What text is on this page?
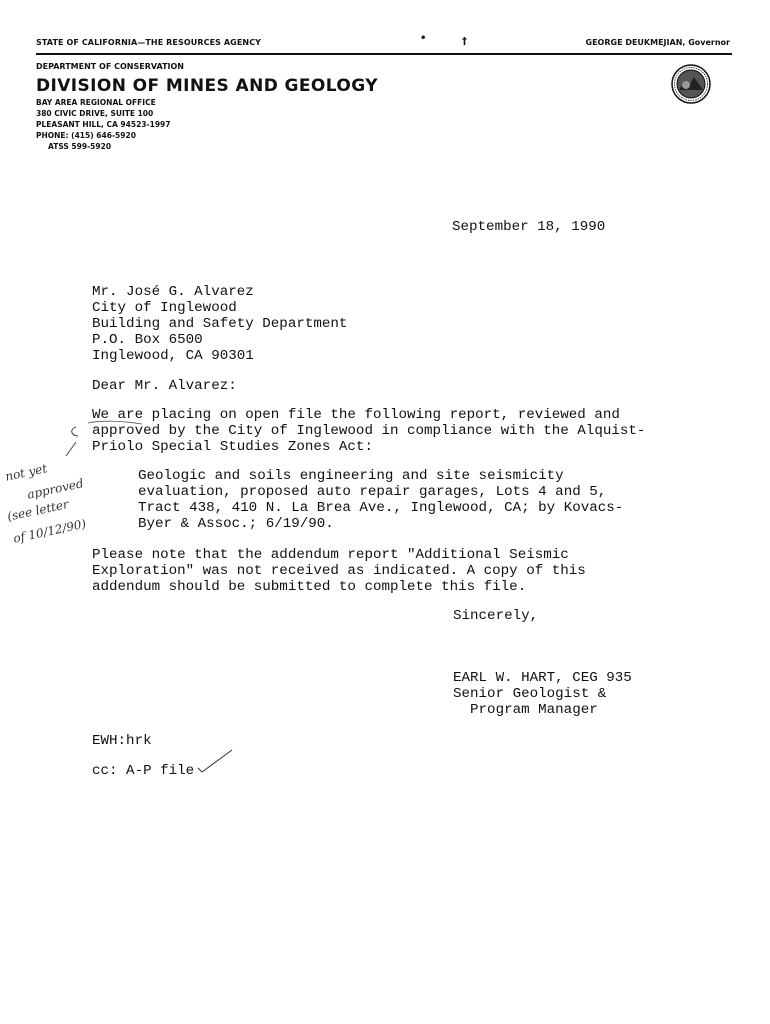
STATE OF CALIFORNIA—THE RESOURCES AGENCY	•	†	GEORGE DEUKMEJIAN, Governor
DEPARTMENT OF CONSERVATION
DIVISION OF MINES AND GEOLOGY
BAY AREA REGIONAL OFFICE
380 CIVIC DRIVE, SUITE 100
PLEASANT HILL, CA 94523-1997
PHONE: (415) 646-5920
ATSS 599-5920
September 18, 1990
Mr. José G. Alvarez
City of Inglewood
Building and Safety Department
P.O. Box 6500
Inglewood, CA 90301
Dear Mr. Alvarez:
We are placing on open file the following report, reviewed and
approved by the City of Inglewood in compliance with the Alquist-
Priolo Special Studies Zones Act:
Geologic and soils engineering and site seismicity
evaluation, proposed auto repair garages, Lots 4 and 5,
Tract 438, 410 N. La Brea Ave., Inglewood, CA; by Kovacs-
Byer & Assoc.; 6/19/90.
Please note that the addendum report "Additional Seismic
Exploration" was not received as indicated. A copy of this
addendum should be submitted to complete this file.
Sincerely,
EARL W. HART, CEG 935
Senior Geologist &
Program Manager
EWH:hrk
cc: A-P file
not yet
approved
(see letter
of 10/12/90)
